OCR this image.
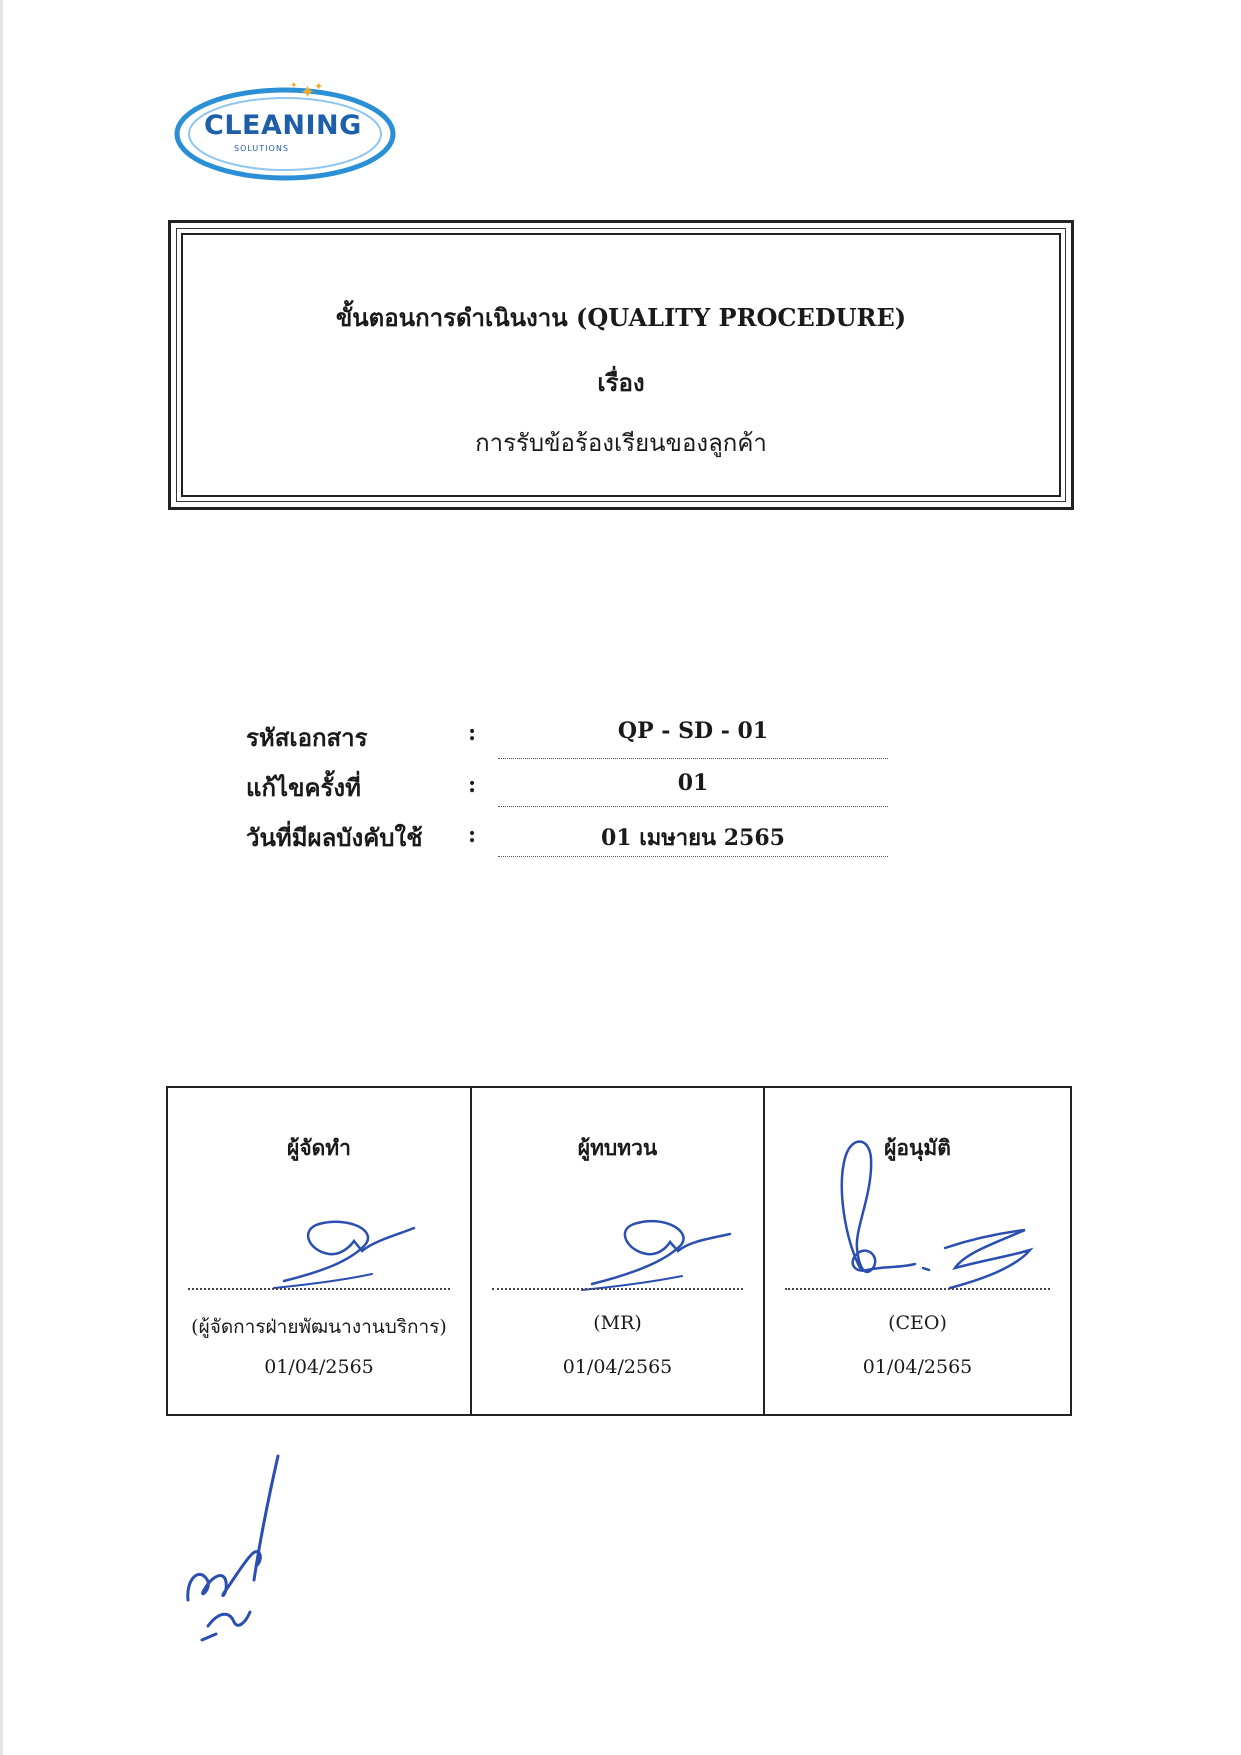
✦
✦
✦
CLEANING
SOLUTIONS
ขั้นตอนการดำเนินงาน (QUALITY PROCEDURE)
เรื่อง
การรับข้อร้องเรียนของลูกค้า
รหัสเอกสาร	:	QP - SD - 01
แก้ไขครั้งที่	:	01
วันที่มีผลบังคับใช้ :	01 เมษายน 2565
ผู้จัดทำ
(ผู้จัดการฝ่ายพัฒนางานบริการ)
01/04/2565
ผู้ทบทวน
(MR)
01/04/2565
ผู้อนุมัติ
(CEO)
01/04/2565
